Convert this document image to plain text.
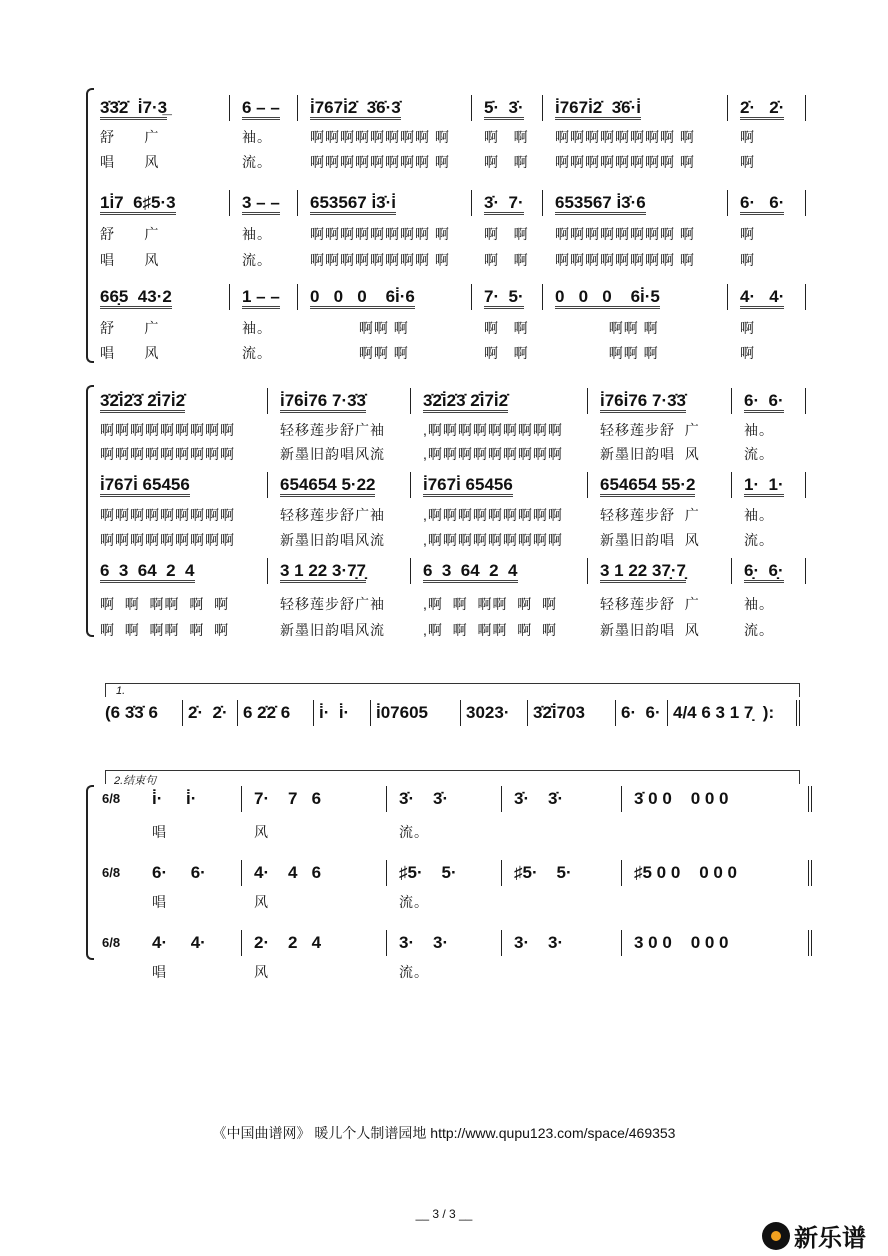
3̇3̇2̇  i̇7·3̲	6 – –	i̇767i̇2̇  3̇6̇·3̇	5̇·  3̇·	i̇767i̇2̇  3̇6̇·i̇	2̇·   2̇·
舒      广	袖。	啊啊啊啊啊啊啊啊 啊	啊   啊	啊啊啊啊啊啊啊啊 啊	啊
唱      风	流。	啊啊啊啊啊啊啊啊 啊	啊   啊	啊啊啊啊啊啊啊啊 啊	啊
1i̇7  6♯5·3	3 – –	653567 i̇3̇·i̇	3̇·  7·	653567 i̇3̇·6	6·   6·
舒      广	袖。	啊啊啊啊啊啊啊啊 啊	啊   啊	啊啊啊啊啊啊啊啊 啊	啊
唱      风	流。	啊啊啊啊啊啊啊啊 啊	啊   啊	啊啊啊啊啊啊啊啊 啊	啊
66̣5  43·2	1 – –	0   0   0    6i̇·6	7·  5·	0   0   0    6i̇·5	4·   4·
舒      广	袖。	啊啊 啊	啊   啊	啊啊 啊	啊
唱      风	流。	啊啊 啊	啊   啊	啊啊 啊	啊
3̇2̇i̇2̇3̇ 2̇i̇7i̇2̇	i̇76i̇76 7·3̇3̇	3̇2̇i̇2̇3̇ 2̇i̇7i̇2̇	i̇76i̇76 7·3̇3̇	6·  6·
啊啊啊啊啊啊啊啊啊	轻移莲步舒广袖	,啊啊啊啊啊啊啊啊啊	轻移莲步舒  广	袖。
啊啊啊啊啊啊啊啊啊	新墨旧韵唱风流	,啊啊啊啊啊啊啊啊啊	新墨旧韵唱  风	流。
i̇767i̇ 65456	654654 5·22	i̇767i̇ 65456	654654 55·2	1·  1·
啊啊啊啊啊啊啊啊啊	轻移莲步舒广袖	,啊啊啊啊啊啊啊啊啊	轻移莲步舒  广	袖。
啊啊啊啊啊啊啊啊啊	新墨旧韵唱风流	,啊啊啊啊啊啊啊啊啊	新墨旧韵唱  风	流。
6  3  64  2  4	3 1 22 3·7̣7̣	6  3  64  2  4	3 1 22 37̣·7̣	6̣·  6̣·
啊  啊  啊啊  啊  啊	轻移莲步舒广袖	,啊  啊  啊啊  啊  啊	轻移莲步舒  广	袖。
啊  啊  啊啊  啊  啊	新墨旧韵唱风流	,啊  啊  啊啊  啊  啊	新墨旧韵唱  风	流。
1.
(6 3̇3̇ 6	2̇·  2̇· 6 2̇2̇ 6	i̇·  i̇·	i̇07605	3023·	3̇2̇i̇703	6·  6· 4/4 6 3 1 7̣  ):
2.结束句
6/8	i̇·     i̇·	7·    7   6	3̇·    3̇·	3̇·    3̇·	3̇ 0 0    0 0 0
唱	风	流。
6/8	6·     6·	4·    4   6	♯5·    5·	♯5·    5·	♯5 0 0    0 0 0
唱	风	流。
6/8	4·     4·	2·    2   4	3·    3·	3·    3·	3 0 0    0 0 0
唱	风	流。
《中国曲谱网》 暖儿个人制谱园地 http://www.qupu123.com/space/469353
__ 3 / 3 __
新乐谱
